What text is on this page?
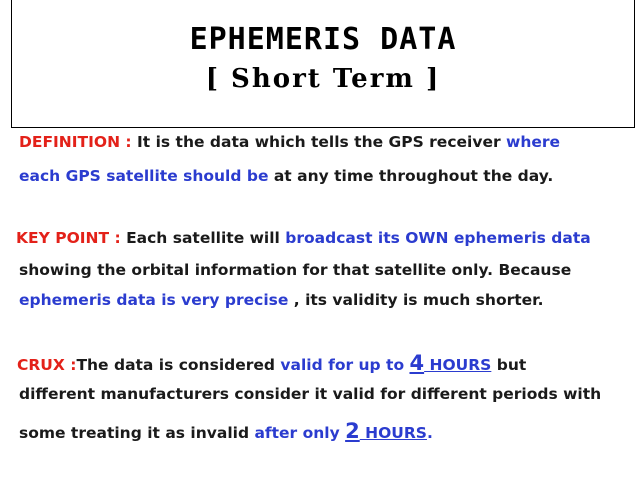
EPHEMERIS DATA
[ Short Term ]
DEFINITION : It is the data which tells the GPS receiver where
each GPS satellite should be at any time throughout the day.
KEY POINT : Each satellite will broadcast its OWN ephemeris data
showing the orbital information for that satellite only. Because
ephemeris data is very precise , its validity is much shorter.
CRUX :The data is considered valid for up to 4 HOURS but
different manufacturers consider it valid for different periods with
some treating it as invalid after only 2 HOURS.
